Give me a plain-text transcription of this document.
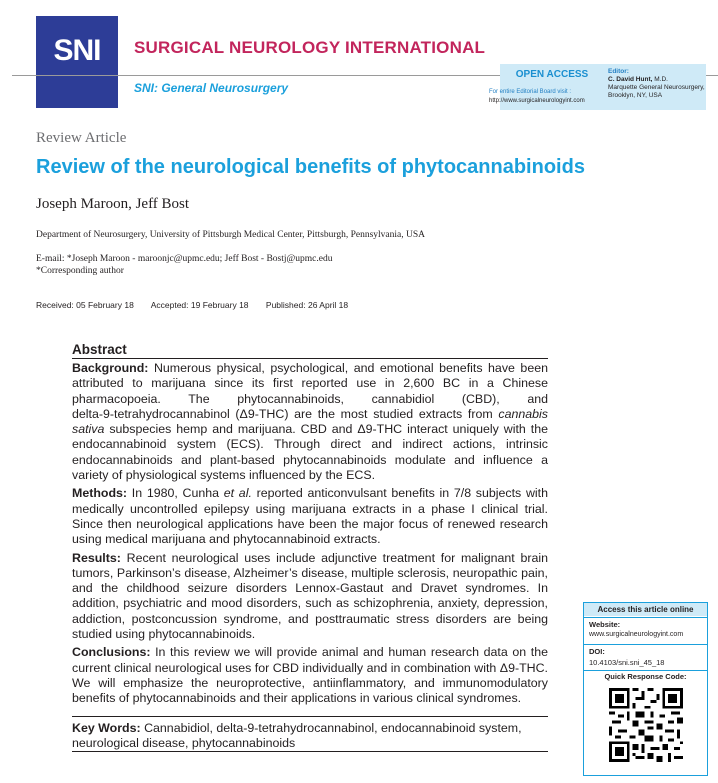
SNI	SURGICAL NEUROLOGY INTERNATIONAL
SNI: General Neurosurgery
OPEN ACCESS
For entire Editorial Board visit :
http://www.surgicalneurologyint.com
Editor:
C. David Hunt, M.D.
Marquette General Neurosurgery, Brooklyn, NY, USA
Review Article
Review of the neurological benefits of phytocannabinoids
Joseph Maroon, Jeff Bost
Department of Neurosurgery, University of Pittsburgh Medical Center, Pittsburgh, Pennsylvania, USA
E-mail: *Joseph Maroon - maroonjc@upmc.edu; Jeff Bost - Bostj@upmc.edu
*Corresponding author
Received: 05 February 18 Accepted: 19 February 18 Published: 26 April 18
Abstract

Background: Numerous physical, psychological, and emotional benefits have been attributed to marijuana since its first reported use in 2,600 BC in a Chinese pharmacopoeia. The phytocannabinoids, cannabidiol (CBD), and delta‑9‑tetrahydrocannabinol (Δ9‑THC) are the most studied extracts from cannabis sativa subspecies hemp and marijuana. CBD and Δ9‑THC interact uniquely with the endocannabinoid system (ECS). Through direct and indirect actions, intrinsic endocannabinoids and plant‑based phytocannabinoids modulate and influence a variety of physiological systems influenced by the ECS.

Methods: In 1980, Cunha et al. reported anticonvulsant benefits in 7/8 subjects with medically uncontrolled epilepsy using marijuana extracts in a phase I clinical trial. Since then neurological applications have been the major focus of renewed research using medical marijuana and phytocannabinoid extracts.

Results: Recent neurological uses include adjunctive treatment for malignant brain tumors, Parkinson’s disease, Alzheimer’s disease, multiple sclerosis, neuropathic pain, and the childhood seizure disorders Lennox‑Gastaut and Dravet syndromes. In addition, psychiatric and mood disorders, such as schizophrenia, anxiety, depression, addiction, postconcussion syndrome, and posttraumatic stress disorders are being studied using phytocannabinoids.

Conclusions: In this review we will provide animal and human research data on the current clinical neurological uses for CBD individually and in combination with Δ9‑THC. We will emphasize the neuroprotective, antiinflammatory, and immunomodulatory benefits of phytocannabinoids and their applications in various clinical syndromes.

Key Words: Cannabidiol, delta‑9‑tetrahydrocannabinol, endocannabinoid system, neurological disease, phytocannabinoids

Access this article online
Website:
www.surgicalneurologyint.com
DOI:
10.4103/sni.sni_45_18
Quick Response Code:
